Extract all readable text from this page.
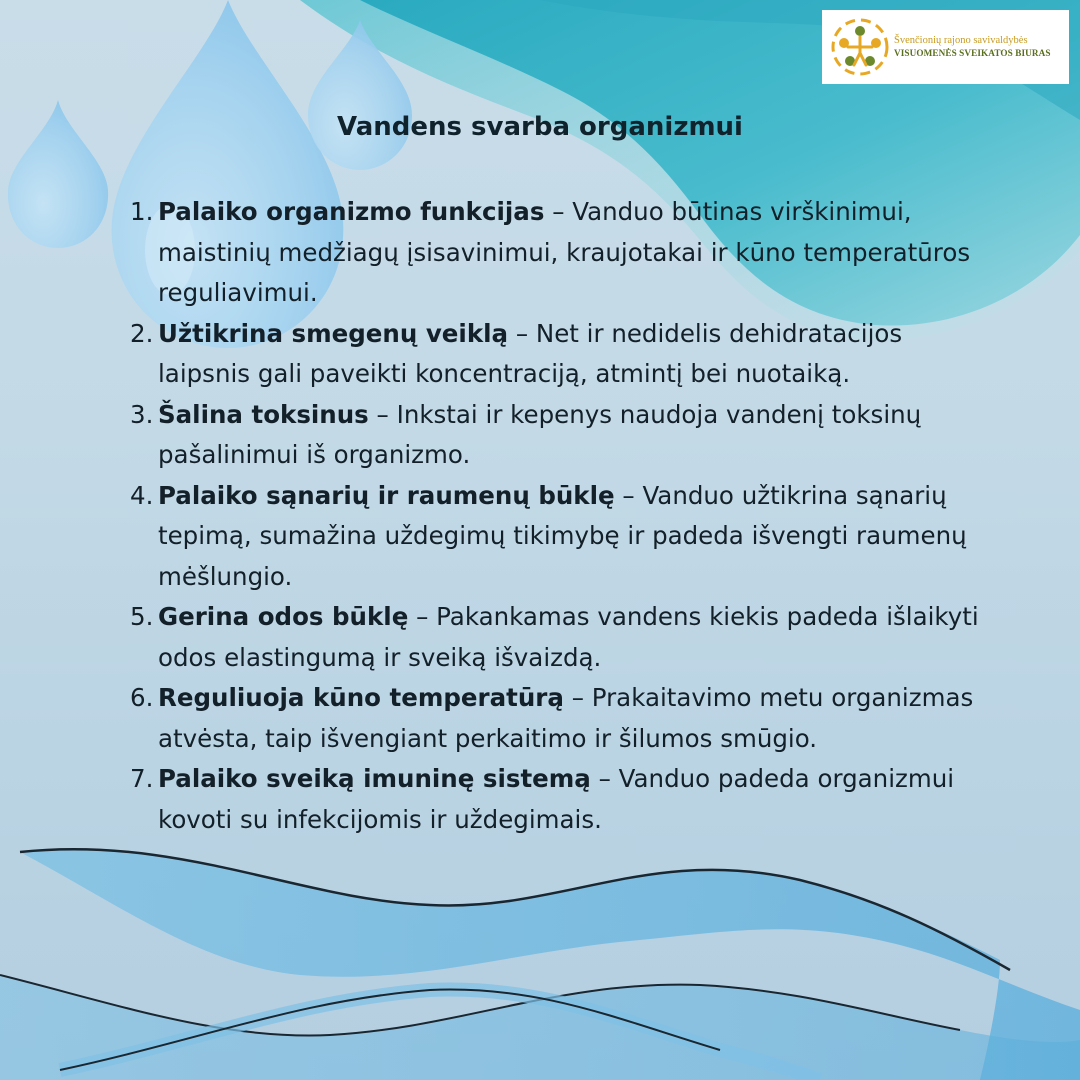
Švenčionių rajono savivaldybės
VISUOMENĖS SVEIKATOS BIURAS
Vandens svarba organizmui
1. Palaiko organizmo funkcijas – Vanduo būtinas virškinimui, maistinių medžiagų įsisavinimui, kraujotakai ir kūno temperatūros reguliavimui.
2. Užtikrina smegenų veiklą – Net ir nedidelis dehidratacijos laipsnis gali paveikti koncentraciją, atmintį bei nuotaiką.
3. Šalina toksinus – Inkstai ir kepenys naudoja vandenį toksinų pašalinimui iš organizmo.
4. Palaiko sąnarių ir raumenų būklę – Vanduo užtikrina sąnarių tepimą, sumažina uždegimų tikimybę ir padeda išvengti raumenų mėšlungio.
5. Gerina odos būklę – Pakankamas vandens kiekis padeda išlaikyti odos elastingumą ir sveiką išvaizdą.
6. Reguliuoja kūno temperatūrą – Prakaitavimo metu organizmas atvėsta, taip išvengiant perkaitimo ir šilumos smūgio.
7. Palaiko sveiką imuninę sistemą – Vanduo padeda organizmui kovoti su infekcijomis ir uždegimais.
